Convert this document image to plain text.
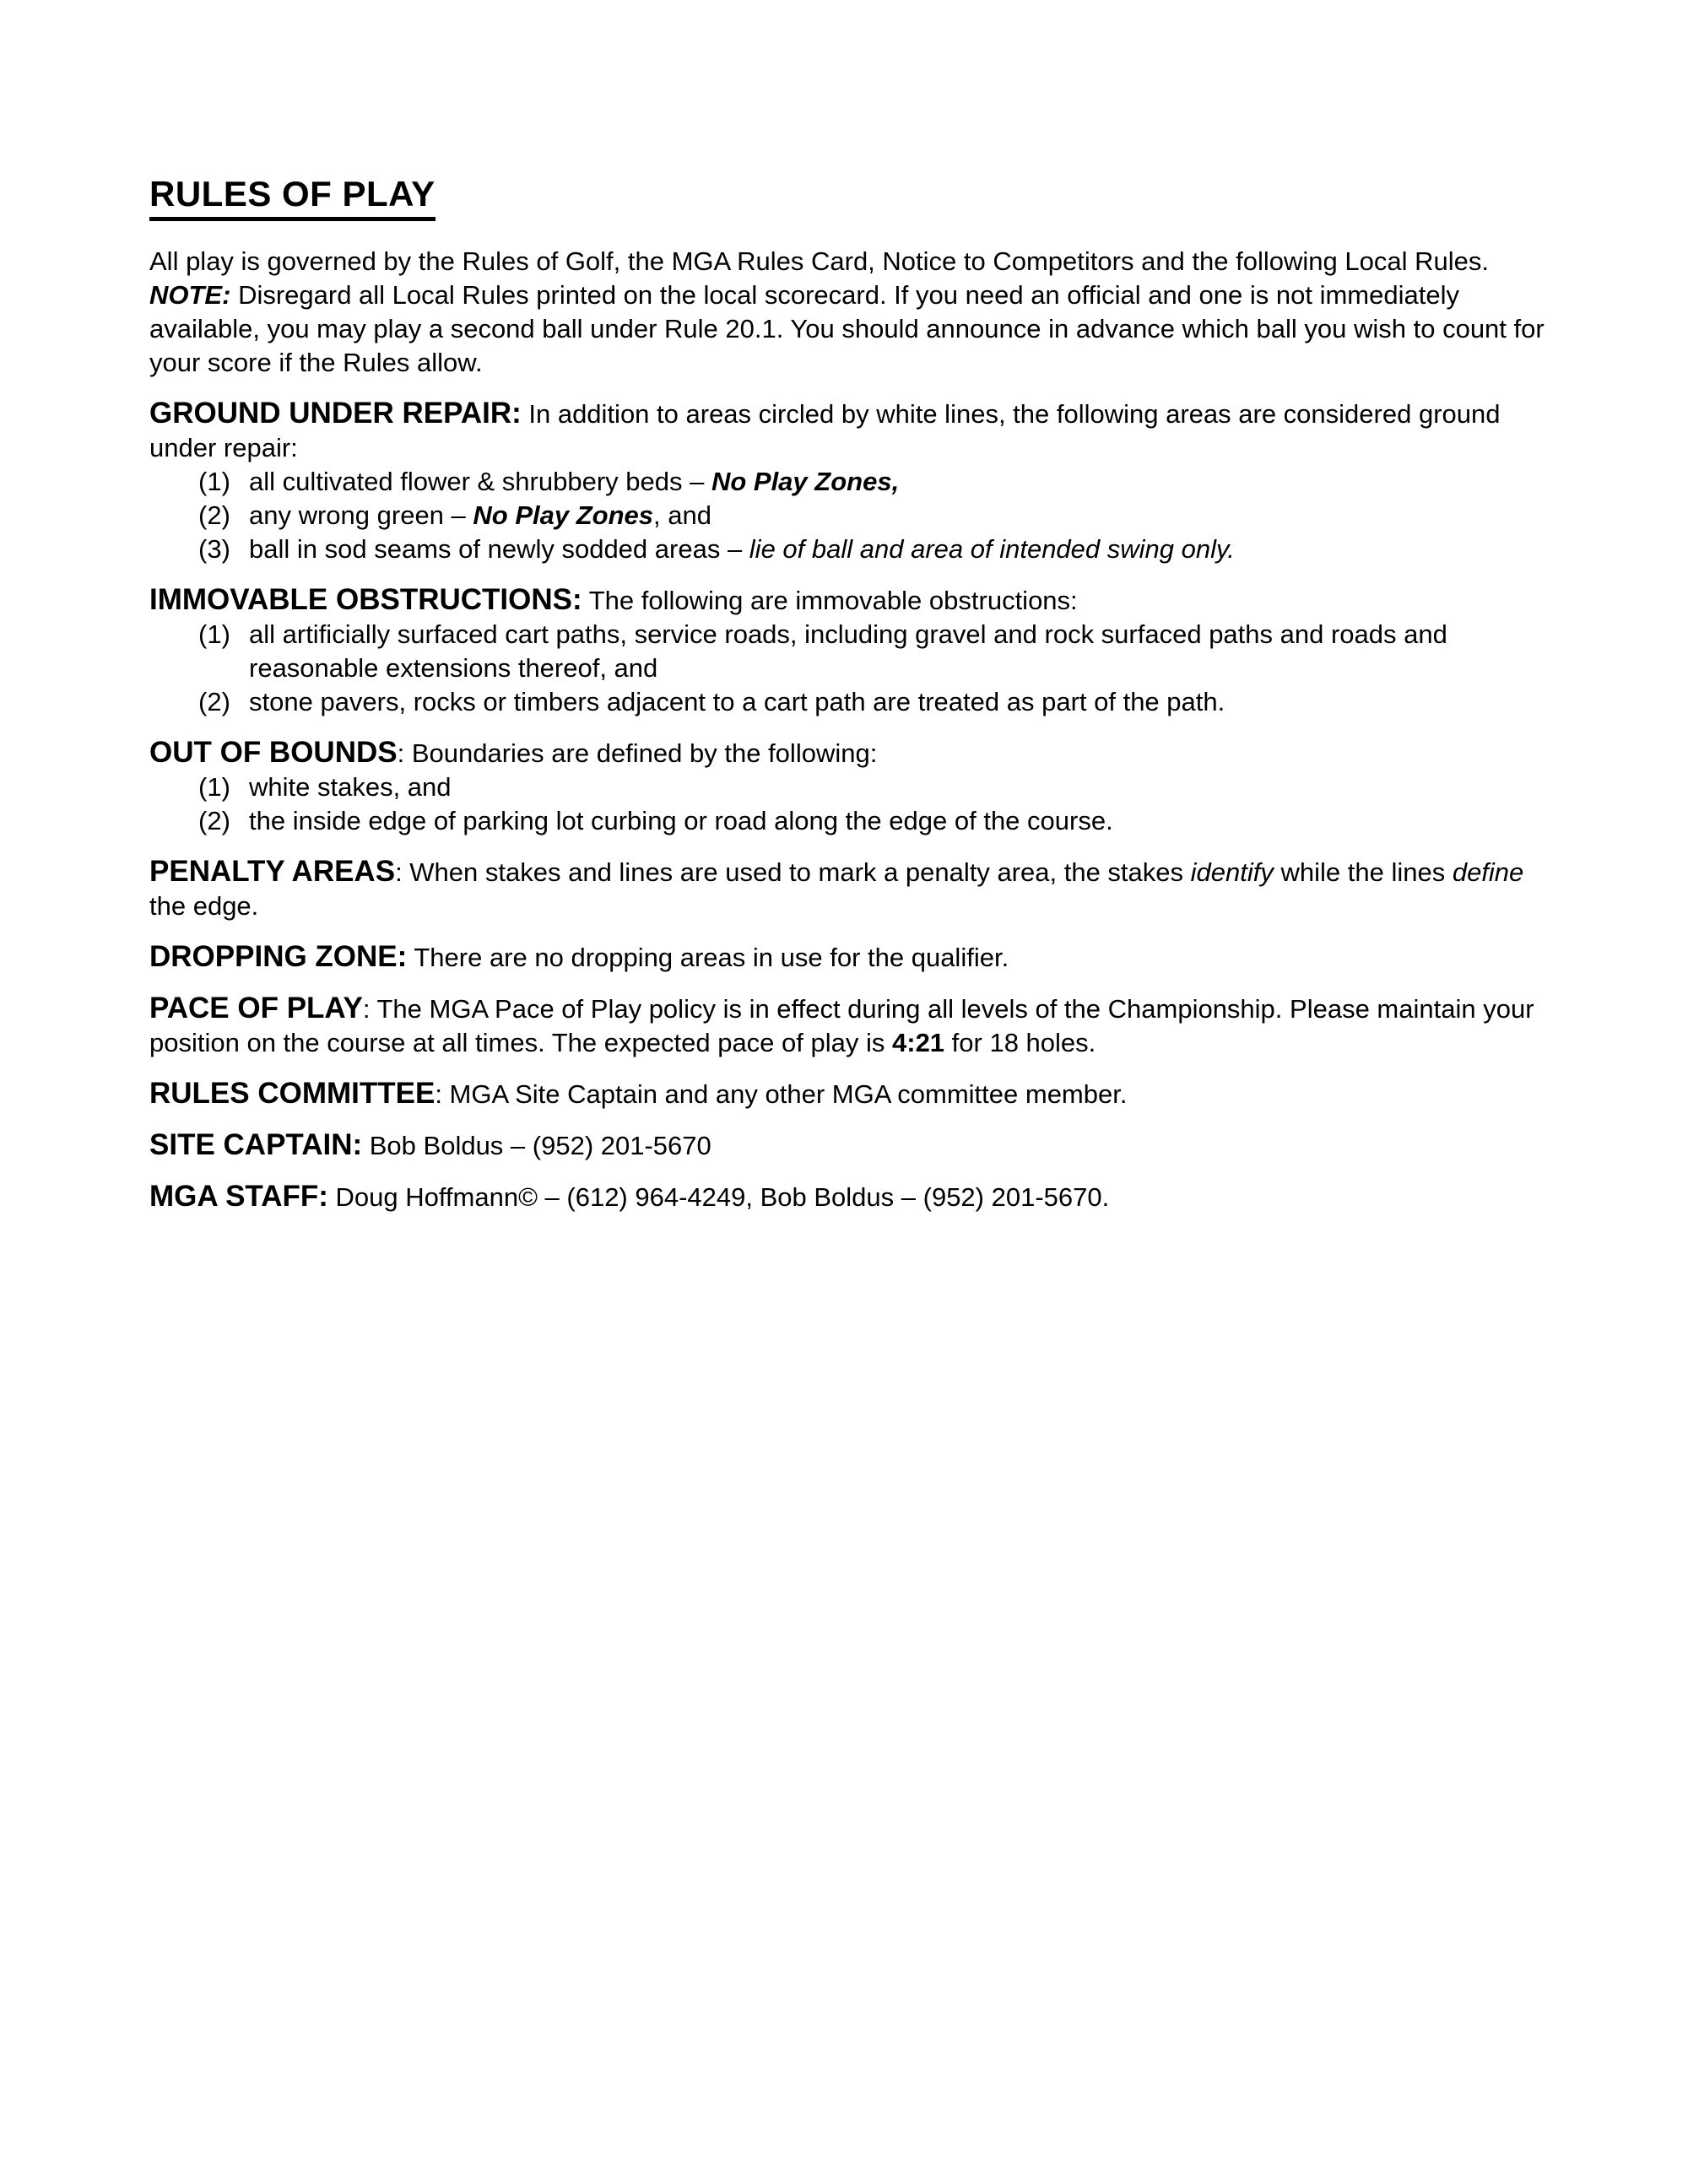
RULES OF PLAY

All play is governed by the Rules of Golf, the MGA Rules Card, Notice to Competitors and the following Local Rules. NOTE: Disregard all Local Rules printed on the local scorecard. If you need an official and one is not immediately available, you may play a second ball under Rule 20.1. You should announce in advance which ball you wish to count for your score if the Rules allow.

GROUND UNDER REPAIR: In addition to areas circled by white lines, the following areas are considered ground under repair:

(1) all cultivated flower & shrubbery beds – No Play Zones,
(2) any wrong green – No Play Zones, and
(3) ball in sod seams of newly sodded areas – lie of ball and area of intended swing only.

IMMOVABLE OBSTRUCTIONS: The following are immovable obstructions:

(1) all artificially surfaced cart paths, service roads, including gravel and rock surfaced paths and roads and reasonable extensions thereof, and
(2) stone pavers, rocks or timbers adjacent to a cart path are treated as part of the path.

OUT OF BOUNDS: Boundaries are defined by the following:

(1) white stakes, and
(2) the inside edge of parking lot curbing or road along the edge of the course.

PENALTY AREAS: When stakes and lines are used to mark a penalty area, the stakes identify while the lines define the edge.

DROPPING ZONE: There are no dropping areas in use for the qualifier.

PACE OF PLAY: The MGA Pace of Play policy is in effect during all levels of the Championship. Please maintain your position on the course at all times. The expected pace of play is 4:21 for 18 holes.

RULES COMMITTEE: MGA Site Captain and any other MGA committee member.

SITE CAPTAIN: Bob Boldus – (952) 201-5670

MGA STAFF: Doug Hoffmann© – (612) 964-4249, Bob Boldus – (952) 201-5670.
